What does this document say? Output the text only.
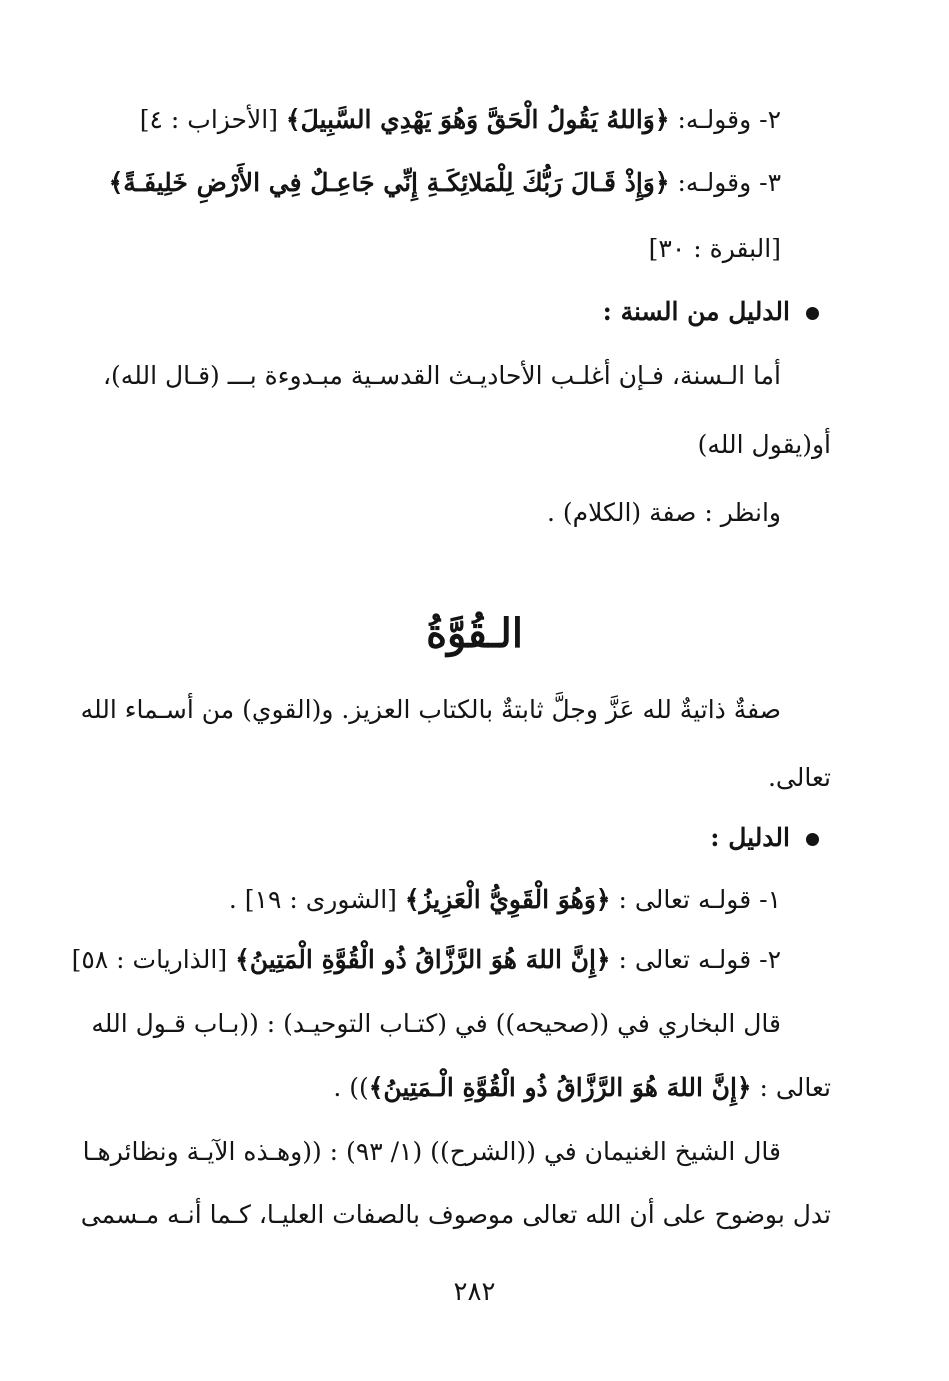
٢- وقولـه: ﴿وَاللهُ يَقُولُ الْحَقَّ وَهُوَ يَهْدِي السَّبِيلَ﴾ [الأحزاب : ٤]
٣- وقولـه: ﴿وَإِذْ قَـالَ رَبُّكَ لِلْمَلائِكَـةِ إِنِّي جَاعِـلٌ فِي الأَرْضِ خَلِيفَـةً﴾
[البقرة : ٣٠]
الدليل من السنة :
أما الـسنة، فـإن أغلـب الأحاديـث القدسـية مبـدوءة بـــ (قـال الله)،
أو(يقول الله)
وانظر : صفة (الكلام) .
الـقُوَّةُ
صفةٌ ذاتيةٌ لله عَزَّ وجلَّ ثابتةٌ بالكتاب العزيز. و(القوي) من أسـماء الله
تعالى.
الدليل :
١- قولـه تعالى : ﴿وَهُوَ الْقَوِيُّ الْعَزِيزُ﴾ [الشورى : ١٩] .
٢- قولـه تعالى : ﴿إِنَّ اللهَ هُوَ الرَّزَّاقُ ذُو الْقُوَّةِ الْمَتِينُ﴾ [الذاريات : ٥٨]
قال البخاري في ((صحيحه)) في (كتـاب التوحيـد) : ((بـاب قـول الله
تعالى : ﴿إِنَّ اللهَ هُوَ الرَّزَّاقُ ذُو الْقُوَّةِ الْـمَتِينُ﴾)) .
قال الشيخ الغنيمان في ((الشرح)) (١/ ٩٣) : ((وهـذه الآيـة ونظائرهـا
تدل بوضوح على أن الله تعالى موصوف بالصفات العليـا، كـما أنـه مـسمى
٢٨٢
